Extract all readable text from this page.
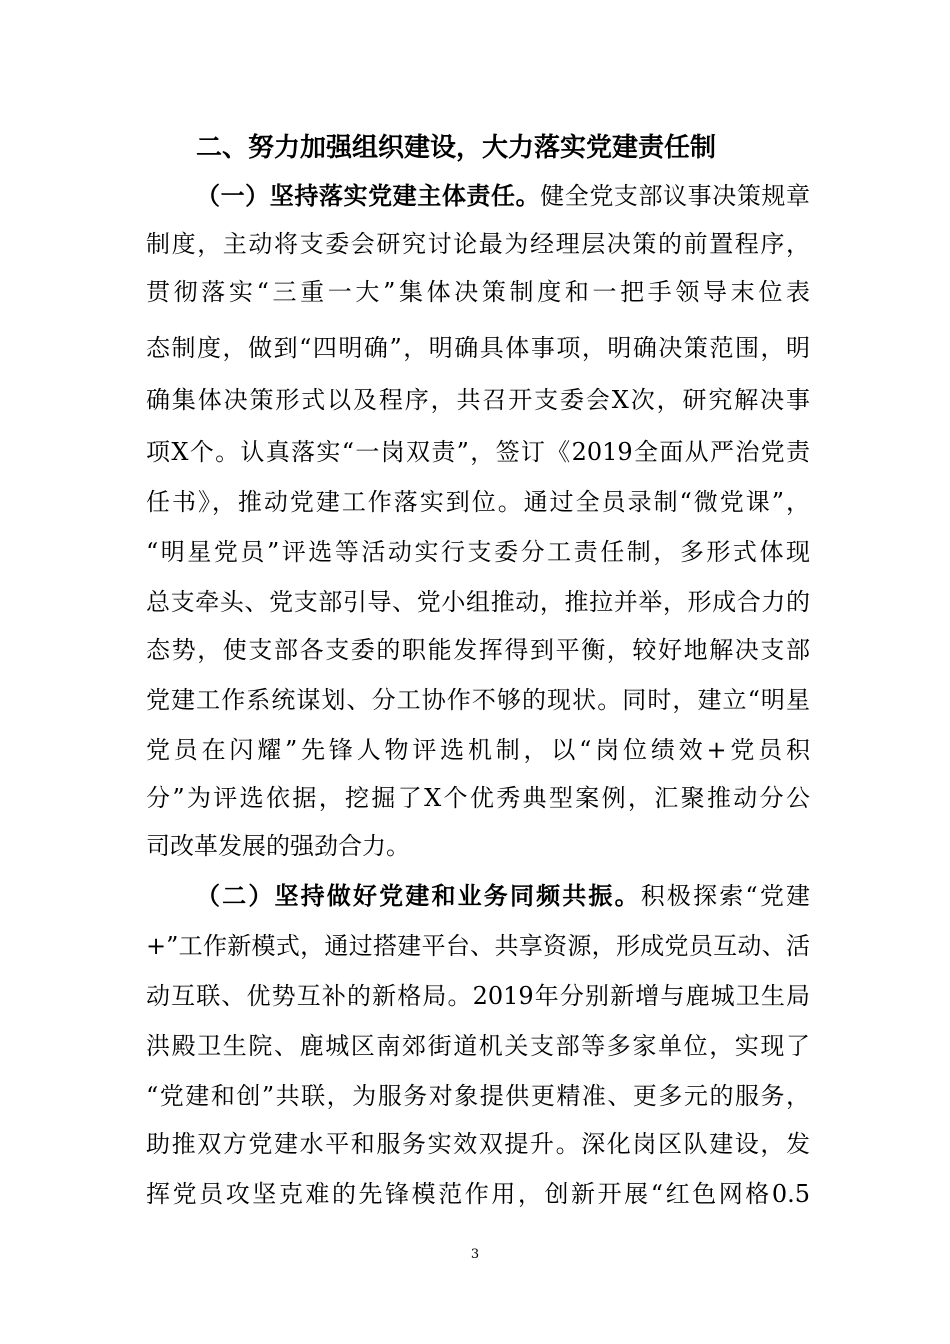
二、努力加强组织建设，大力落实党建责任制

（一）坚持落实党建主体责任。健全党支部议事决策规章

制度，主动将支委会研究讨论最为经理层决策的前置程序，

贯彻落实“三重一大”集体决策制度和一把手领导末位表

态制度，做到“四明确”，明确具体事项，明确决策范围，明

确集体决策形式以及程序，共召开支委会X次，研究解决事

项X个。认真落实“一岗双责”，签订《2019全面从严治党责

任书》，推动党建工作落实到位。通过全员录制“微党课”，

“明星党员”评选等活动实行支委分工责任制，多形式体现

总支牵头、党支部引导、党小组推动，推拉并举，形成合力的

态势，使支部各支委的职能发挥得到平衡，较好地解决支部

党建工作系统谋划、分工协作不够的现状。同时，建立“明星

党员在闪耀”先锋人物评选机制，以“岗位绩效+党员积

分”为评选依据，挖掘了X个优秀典型案例，汇聚推动分公

司改革发展的强劲合力。

（二）坚持做好党建和业务同频共振。积极探索“党建

+”工作新模式，通过搭建平台、共享资源，形成党员互动、活

动互联、优势互补的新格局。2019年分别新增与鹿城卫生局

洪殿卫生院、鹿城区南郊街道机关支部等多家单位，实现了

“党建和创”共联，为服务对象提供更精准、更多元的服务，

助推双方党建水平和服务实效双提升。深化岗区队建设，发

挥党员攻坚克难的先锋模范作用，创新开展“红色网格0.5

3
